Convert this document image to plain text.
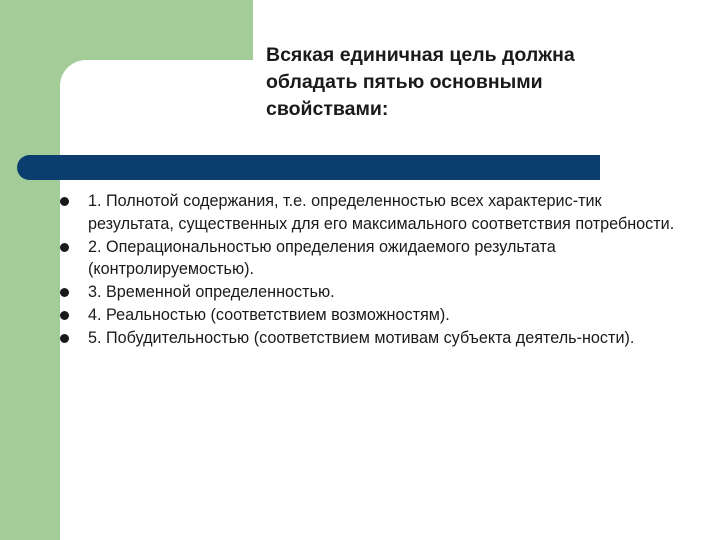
Всякая единичная цель должна
обладать пятью основными
свойствами:
1. Полнотой содержания, т.е. определенностью всех характерис-тик результата, существенных для его максимального соответствия потребности.
2. Операциональностью определения ожидаемого результата (контролируемостью).
3. Временной определенностью.
4. Реальностью (соответствием возможностям).
5. Побудительностью (соответствием мотивам субъекта деятель-ности).
